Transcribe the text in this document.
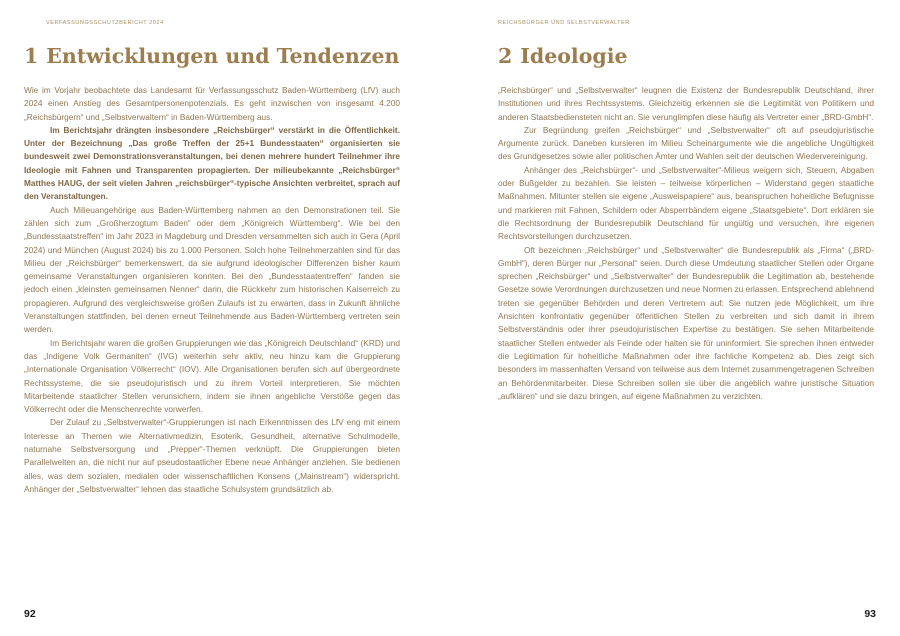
VERFASSUNGSSCHUTZBERICHT 2024
1 Entwicklungen und Tendenzen

Wie im Vorjahr beobachtete das Landesamt für Verfassungsschutz Baden-Württemberg (LfV) auch 2024 einen Anstieg des Gesamtpersonenpotenzials. Es geht inzwischen von insgesamt 4.200 „Reichsbürgern“ und „Selbstverwaltern“ in Baden-Württemberg aus.

Im Berichtsjahr drängten insbesondere „Reichsbürger“ verstärkt in die Öffentlichkeit. Unter der Bezeichnung „Das große Treffen der 25+1 Bundesstaaten“ organisierten sie bundesweit zwei Demonstrationsveranstaltungen, bei denen mehrere hundert Teilnehmer ihre Ideologie mit Fahnen und Transparenten propagierten. Der milieubekannte „Reichsbürger“ Matthes HAUG, der seit vielen Jahren „reichsbürger“-typische Ansichten verbreitet, sprach auf den Veranstaltungen.

Auch Milieuangehörige aus Baden-Württemberg nahmen an den Demonstrationen teil. Sie zählen sich zum „Großherzogtum Baden“ oder dem „Königreich Württemberg“. Wie bei den „Bundesstaatstreffen“ im Jahr 2023 in Magdeburg und Dresden versammelten sich auch in Gera (April 2024) und München (August 2024) bis zu 1.000 Personen. Solch hohe Teilnehmerzahlen sind für das Milieu der „Reichsbürger“ bemerkenswert, da sie aufgrund ideologischer Differenzen bisher kaum gemeinsame Veranstaltungen organisieren konnten. Bei den „Bundesstaatentreffen“ fanden sie jedoch einen „kleinsten gemeinsamen Nenner“ darin, die Rückkehr zum historischen Kaiserreich zu propagieren. Aufgrund des vergleichsweise großen Zulaufs ist zu erwarten, dass in Zukunft ähnliche Veranstaltungen stattfinden, bei denen erneut Teilnehmende aus Baden-Württemberg vertreten sein werden.

Im Berichtsjahr waren die großen Gruppierungen wie das „Königreich Deutschland“ (KRD) und das „Indigene Volk Germaniten“ (IVG) weiterhin sehr aktiv, neu hinzu kam die Gruppierung „Internationale Organisation Völkerrecht“ (IOV). Alle Organisationen berufen sich auf übergeordnete Rechtssysteme, die sie pseudojuristisch und zu ihrem Vorteil interpretieren. Sie möchten Mitarbeitende staatlicher Stellen verunsichern, indem sie ihnen angebliche Verstöße gegen das Völkerrecht oder die Menschenrechte vorwerfen.

Der Zulauf zu „Selbstverwalter“-Gruppierungen ist nach Erkenntnissen des LfV eng mit einem Interesse an Themen wie Alternativmedizin, Esoterik, Gesundheit, alternative Schulmodelle, naturnahe Selbstversorgung und „Prepper“-Themen verknüpft. Die Gruppierungen bieten Parallelwelten an, die nicht nur auf pseudostaatlicher Ebene neue Anhänger anziehen. Sie bedienen alles, was dem sozialen, medialen oder wissenschaftlichen Konsens („Mainstream“) widerspricht. Anhänger der „Selbstverwalter“ lehnen das staatliche Schulsystem grundsätzlich ab.

92
REICHSBÜRGER UND SELBSTVERWALTER
2 Ideologie

„Reichsbürger“ und „Selbstverwalter“ leugnen die Existenz der Bundesrepublik Deutschland, ihrer Institutionen und ihres Rechtssystems. Gleichzeitig erkennen sie die Legitimität von Politikern und anderen Staatsbediensteten nicht an. Sie verunglimpfen diese häufig als Vertreter einer „BRD-GmbH“.

Zur Begründung greifen „Reichsbürger“ und „Selbstverwalter“ oft auf pseudojuristische Argumente zurück. Daneben kursieren im Milieu Scheinargumente wie die angebliche Ungültigkeit des Grundgesetzes sowie aller politischen Ämter und Wahlen seit der deutschen Wiedervereinigung.

Anhänger des „Reichsbürger“- und „Selbstverwalter“-Milieus weigern sich, Steuern, Abgaben oder Bußgelder zu bezahlen. Sie leisten – teilweise körperlichen – Widerstand gegen staatliche Maßnahmen. Mitunter stellen sie eigene „Ausweispapiere“ aus, beanspruchen hoheitliche Befugnisse und markieren mit Fahnen, Schildern oder Absperrbändern eigene „Staatsgebiete“. Dort erklären sie die Rechtsordnung der Bundesrepublik Deutschland für ungültig und versuchen, ihre eigenen Rechtsvorstellungen durchzusetzen.

Oft bezeichnen „Reichsbürger“ und „Selbstverwalter“ die Bundesrepublik als „Firma“ („BRD-GmbH“), deren Bürger nur „Personal“ seien. Durch diese Umdeutung staatlicher Stellen oder Organe sprechen „Reichsbürger“ und „Selbstverwalter“ der Bundesrepublik die Legitimation ab, bestehende Gesetze sowie Verordnungen durchzusetzen und neue Normen zu erlassen. Entsprechend ablehnend treten sie gegenüber Behörden und deren Vertretern auf: Sie nutzen jede Möglichkeit, um ihre Ansichten konfrontativ gegenüber öffentlichen Stellen zu verbreiten und sich damit in ihrem Selbstverständnis oder ihrer pseudojuristischen Expertise zu bestätigen. Sie sehen Mitarbeitende staatlicher Stellen entweder als Feinde oder halten sie für uninformiert. Sie sprechen ihnen entweder die Legitimation für hoheitliche Maßnahmen oder ihre fachliche Kompetenz ab. Dies zeigt sich besonders im massenhaften Versand von teilweise aus dem Internet zusammengetragenen Schreiben an Behördenmitarbeiter. Diese Schreiben sollen sie über die angeblich wahre juristische Situation „aufklären“ und sie dazu bringen, auf eigene Maßnahmen zu verzichten.

93
